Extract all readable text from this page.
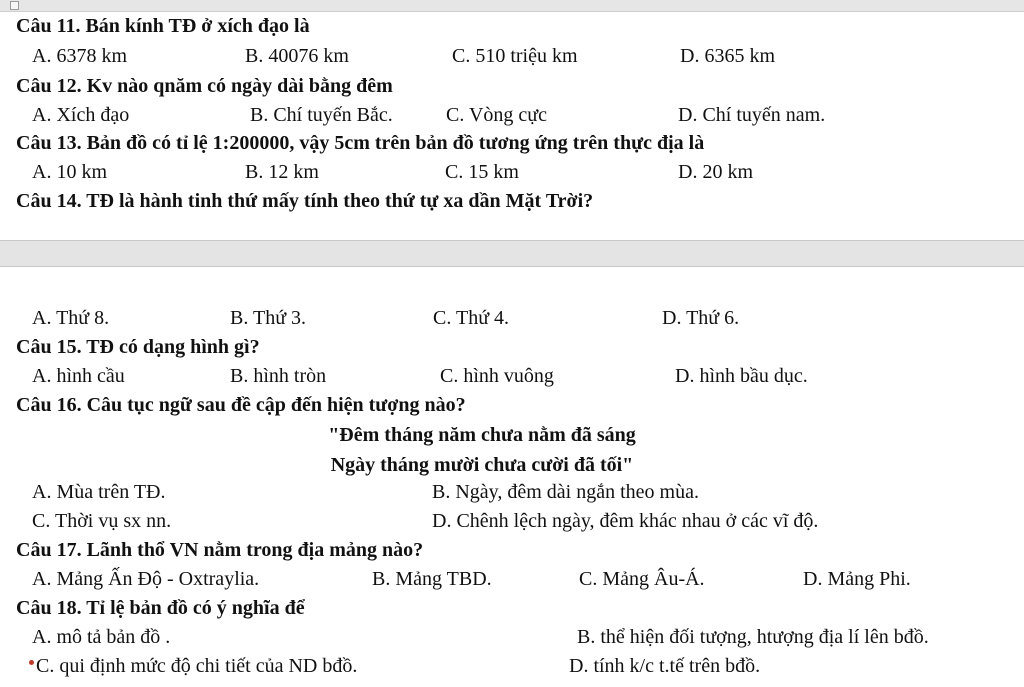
Câu 11. Bán kính TĐ ở xích đạo là
A. 6378 km	B. 40076 km	C. 510 triệu km	D. 6365 km
Câu 12. Kv nào qnăm có ngày dài bằng đêm
A. Xích đạo	B. Chí tuyến Bắc.	C. Vòng cực	D. Chí tuyến nam.
Câu 13. Bản đồ có tỉ lệ 1:200000, vậy 5cm trên bản đồ tương ứng trên thực địa là
A. 10 km	B. 12 km	C. 15 km	D. 20 km
Câu 14. TĐ là hành tinh thứ mấy tính theo thứ tự xa dần Mặt Trời?
A. Thứ 8.	B. Thứ 3.	C. Thứ 4.	D. Thứ 6.
Câu 15. TĐ có dạng hình gì?
A. hình cầu	B. hình tròn	C. hình vuông	D. hình bầu dục.
Câu 16. Câu tục ngữ sau đề cập đến hiện tượng nào?
"Đêm tháng năm chưa nằm đã sáng
Ngày tháng mười chưa cười đã tối"
A. Mùa trên TĐ.	B. Ngày, đêm dài ngắn theo mùa.
C. Thời vụ sx nn.	D. Chênh lệch ngày, đêm khác nhau ở các vĩ độ.
Câu 17. Lãnh thổ VN nằm trong địa mảng nào?
A. Mảng Ấn Độ - Oxtraylia.	B. Mảng TBD.	C. Mảng Âu-Á.	D. Mảng Phi.
Câu 18. Tỉ lệ bản đồ có ý nghĩa để
A. mô tả bản đồ .	B. thể hiện đối tượng, htượng địa lí lên bđồ.
C. qui định mức độ chi tiết của ND bđồ.	D. tính k/c t.tế trên bđồ.
